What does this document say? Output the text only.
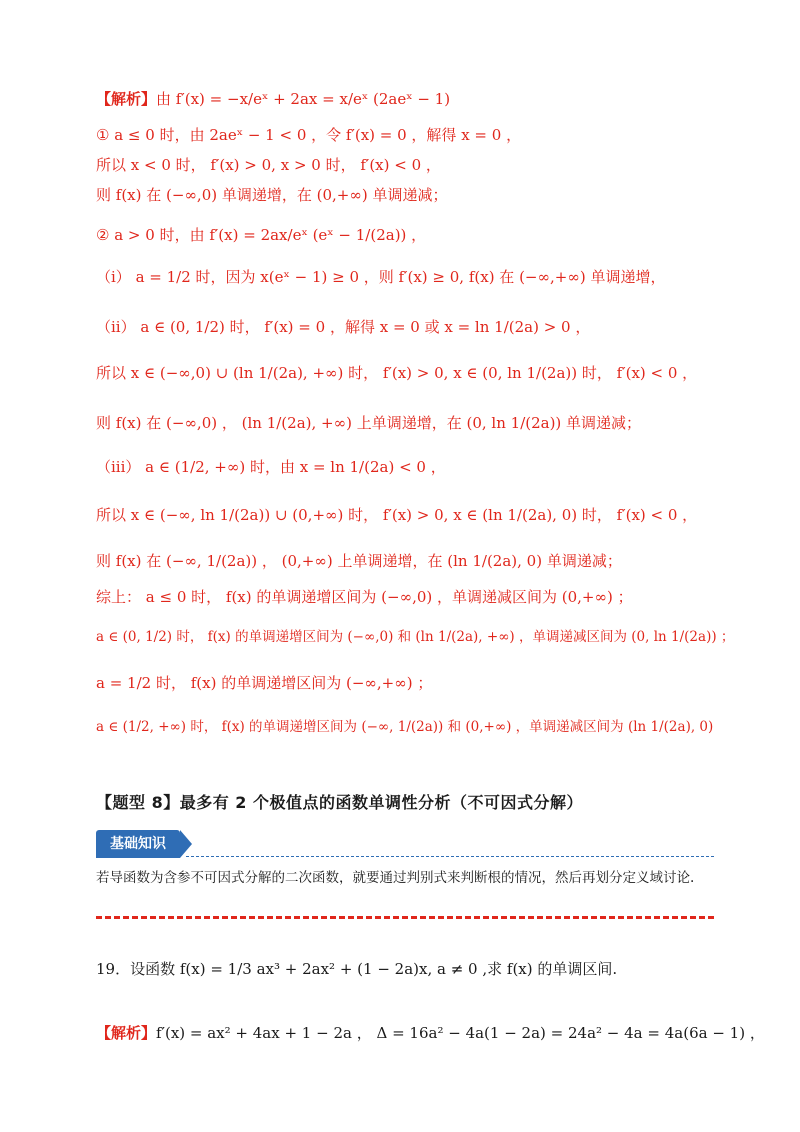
【解析】由 f′(x) = −x/eˣ + 2ax = x/eˣ (2aeˣ − 1)
① a ≤ 0 时，由 2aeˣ − 1 < 0 ，令 f′(x) = 0 ，解得 x = 0 ，
所以 x < 0 时， f′(x) > 0, x > 0 时， f′(x) < 0 ，
则 f(x) 在 (−∞,0) 单调递增，在 (0,+∞) 单调递减；
② a > 0 时，由 f′(x) = 2ax/eˣ (eˣ − 1/(2a)) ，
（i） a = 1/2 时，因为 x(eˣ − 1) ≥ 0 ，则 f′(x) ≥ 0, f(x) 在 (−∞,+∞) 单调递增，
（ii） a ∈ (0, 1/2) 时， f′(x) = 0 ，解得 x = 0 或 x = ln 1/(2a) > 0 ，
所以 x ∈ (−∞,0) ∪ (ln 1/(2a), +∞) 时， f′(x) > 0, x ∈ (0, ln 1/(2a)) 时， f′(x) < 0 ，
则 f(x) 在 (−∞,0) ， (ln 1/(2a), +∞) 上单调递增，在 (0, ln 1/(2a)) 单调递减；
（iii） a ∈ (1/2, +∞) 时，由 x = ln 1/(2a) < 0 ，
所以 x ∈ (−∞, ln 1/(2a)) ∪ (0,+∞) 时， f′(x) > 0, x ∈ (ln 1/(2a), 0) 时， f′(x) < 0 ，
则 f(x) 在 (−∞, 1/(2a)) ， (0,+∞) 上单调递增，在 (ln 1/(2a), 0) 单调递减；
综上： a ≤ 0 时， f(x) 的单调递增区间为 (−∞,0) ，单调递减区间为 (0,+∞) ；
a ∈ (0, 1/2) 时， f(x) 的单调递增区间为 (−∞,0) 和 (ln 1/(2a), +∞) ，单调递减区间为 (0, ln 1/(2a)) ；
a = 1/2 时， f(x) 的单调递增区间为 (−∞,+∞) ；
a ∈ (1/2, +∞) 时， f(x) 的单调递增区间为 (−∞, 1/(2a)) 和 (0,+∞) ，单调递减区间为 (ln 1/(2a), 0)
【题型 8】最多有 2 个极值点的函数单调性分析（不可因式分解）
基础知识
若导函数为含参不可因式分解的二次函数，就要通过判别式来判断根的情况，然后再划分定义域讨论.
19．设函数 f(x) = 1/3 ax³ + 2ax² + (1 − 2a)x, a ≠ 0 ,求 f(x) 的单调区间.
【解析】f′(x) = ax² + 4ax + 1 − 2a ， Δ = 16a² − 4a(1 − 2a) = 24a² − 4a = 4a(6a − 1) ，
